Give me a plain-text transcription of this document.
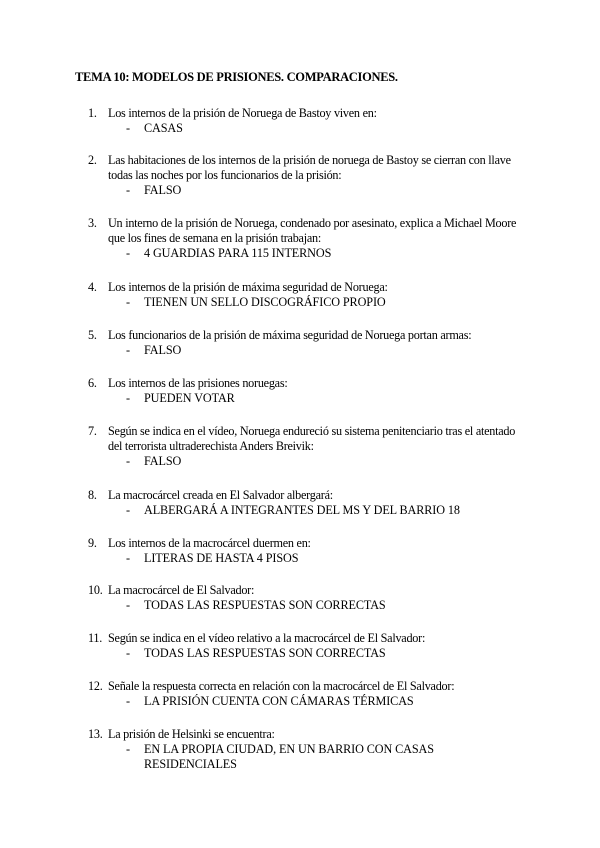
TEMA 10: MODELOS DE PRISIONES. COMPARACIONES.
1. Los internos de la prisión de Noruega de Bastoy viven en:
- CASAS
2. Las habitaciones de los internos de la prisión de noruega de Bastoy se cierran con llave todas las noches por los funcionarios de la prisión:
- FALSO
3. Un interno de la prisión de Noruega, condenado por asesinato, explica a Michael Moore que los fines de semana en la prisión trabajan:
- 4 GUARDIAS PARA 115 INTERNOS
4. Los internos de la prisión de máxima seguridad de Noruega:
- TIENEN UN SELLO DISCOGRÁFICO PROPIO
5. Los funcionarios de la prisión de máxima seguridad de Noruega portan armas:
- FALSO
6. Los internos de las prisiones noruegas:
- PUEDEN VOTAR
7. Según se indica en el vídeo, Noruega endureció su sistema penitenciario tras el atentado del terrorista ultraderechista Anders Breivik:
- FALSO
8. La macrocárcel creada en El Salvador albergará:
- ALBERGARÁ A INTEGRANTES DEL MS Y DEL BARRIO 18
9. Los internos de la macrocárcel duermen en:
- LITERAS DE HASTA 4 PISOS
10. La macrocárcel de El Salvador:
- TODAS LAS RESPUESTAS SON CORRECTAS
11. Según se indica en el vídeo relativo a la macrocárcel de El Salvador:
- TODAS LAS RESPUESTAS SON CORRECTAS
12. Señale la respuesta correcta en relación con la macrocárcel de El Salvador:
- LA PRISIÓN CUENTA CON CÁMARAS TÉRMICAS
13. La prisión de Helsinki se encuentra:
- EN LA PROPIA CIUDAD, EN UN BARRIO CON CASAS RESIDENCIALES
